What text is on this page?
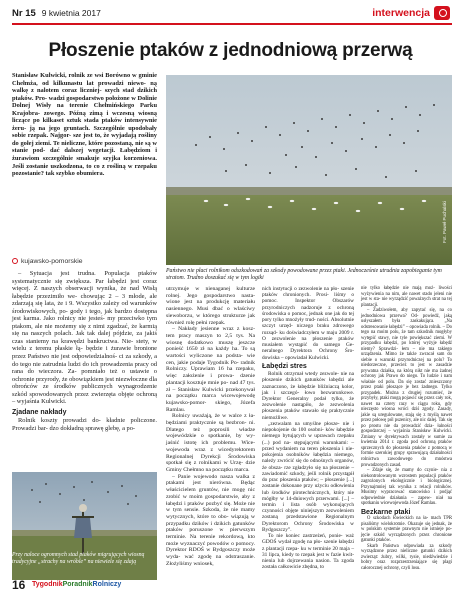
Nr 15 9 kwietnia 2017	interwencja
Płoszenie ptaków z jednodniową przerwą

Stanisław Kulwicki, rolnik ze wsi Borówno w gminie Chełmża, od kilkunastu lat prowadzi niewo- ną walkę z nalotem coraz liczniej- szych stad dzikich ptaków. Pro- wadzi gospodarstwo położone w Dolinie Dolnej Wisły na terenie Chełmińskiego Parku Krajobra- zowego. Późną zimą i wczesną wiosną liczące po kilkaset sztuk stada ptaków intensywnie żeru- ją na jego gruntach. Szczególnie upodobały sobie rzepak. Najgor- sze jest to, że wyjadają rośliny do gołej ziemi. Te nieliczne, które pozostaną, nie są w stanie pod- dać dalszej wegetacji. Łabędziom i żurawiom szczególnie smakuje szyjka korzeniowa. Jeśli zostanie uszkodzona, to co z rośliną w rzepaku pozostanie? tak szybko obumiera.

kujawsko-pomorskie

– Sytuacja jest trudna. Populacja ptaków systematycznie się zwiększa. Par łabędzi jest coraz więcej. Z naszych obserwacji wynika, że nad Wisłą łabędzie przezimiło we- chowując 2 – 3 młode, ale zdarzają się lata, że i 9. Wszystko zależy od warunków środowiskowych, po- gody i tego, jak bardzo dostępna jest karma. Jako rolnicy nie jesteś- my przeciwko tym ptakom, ale nie możemy się z nimi zgadzać, że karmią się na naszych polach. Jak tak dalej pójdzie, za jakiś czas staniemy na krawędzi bankructwa. Nie- stety, w wielu z terenu płaskie łą- będzie i żurawie bronione przez Państwo nie jest odpowiedzialnoś- ci za szkody, a do tego nie zatrudnia ludzi do ich prowadzenia pracy od rana do wieczora. Za- pomniało też o ustawie o ochronie przyrody, że obowiązkiem jest niezwłoczne dla obrońców ze środków publicznych wynagrodzenie szkód spowodowanych przez zwierzęta objęte ochroną – wyjaśnia Kulwicki.

Zjadane nakłady

Rolnik koszty prowadzi do- kładnie policzone. Prowadzi bar- dzo dokładną sprawę glebę, a po-

Przy naloce ogromnych stad ptaków migrujących wiosną tradycyjne „strachy na wróble” na niewiele się zdają
Fot. Paweł Puchalski
Państwo nie płaci rolnikom odszkodowań za szkody powodowane przez ptaki. Jednocześnie utrudnia zapobieganie tym stratom. Trudno doszukać się w tym logiki

utrzymuje w nienaganej kulturze rolnej. Jego gospodarstwo nasta- wione jest na produkcję materiału nasiennego. Musi dbać o wlaściwy siewoborzu, w którego strukturze jak również rolę pełni rzepak.

– Nakłady jesienne wraz z kosz- tem pracy maszyn to 2,5 tys. Na wiosnę dodatkowo muszę jeszcze ponieść 1650 zł na każdy ha. To są wartości wyliczone na podsta- wie cen, jakie podaje Tygodnik Po- radnik Rolniczy. Uprawiam 16 ha rzepaku, więc założenie i prowa- dzenie plantacji kosztuje mnie po- nad 47 tys. zł – Stanisław Kulwicki przekonywał na początku marca wicewojewodę kujawsko-pomor- skiego, Józefa Ramlau.

Rolnicy uważają, że w walce z ła- będziami praktycznie są bezbron- ni. Dlatego też poprosili władze wojewódzkie o spotkanie, by wy- jaśnić istotę ich problemu. Wice- wojewoda wraz z wicedyrektorem Regionalnej Dyrekcji Środowiska spotkał się z rolnikami w Urzę- dzie Gminy Chełmno na początku marca.

– Panie wojewodo nasza walka z ptakami jest nierówna. Będąc właścicielem gruntów, nie mogę nic zrobić w moim gospodarstwie, aby z łabędzi i ptaków pozbyć się. Może nie w tym sensie. Szkoda, że nie mamy wytycznych, które to obo- wiązują w przypadku dzików i dzikich gatunków ptaków poruszone w pierwszym terminie. Na terenie rekordową, kto może wyznaczyć powodów o pomocy. Dyrektor RDOŚ w Bydgoszczy może wyda- wać zgodę na odstraszanie. Złożyliśmy wniosek,

nich instytucji o zezwolenie na pło- szenie ptaków chronionych. Prosi- liśmy o pomoc. Inspektor Obszarów przyrodniczych nadzoruje z ochroną środowiska o pomoc, jednak one jak do tej pory tylko mnożyły trud- ności. Absolutnie szczyt urzęd- niczego braku zdrowego rozsąd- ku doświadczyłem w maju 2009 r. O zezwolenie na płoszenie ptaków musiałem wystąpić do samego Ge- neralnego Dyrektora Ochrony Śro- dowiska – opowiadał Kulwicki.

Łabędzi stres

Rolnik otrzymał wtedy zezwole- nie na płoszenie dzikich gatunków łabędzi ale zaznaczono, że łabędzie bliźniaczą kolor, jak i szczegó- łowo bezwarunkowe. Dyrektor Generalny podał tylko, że zezwolenie nastąpiło, że zezwolenia płoszenia ptaków stawało się praktycznie niemożliwe.

„zezwalam na umyślne płosze- nie i niepokojenie do 100 osobni- ków łabędzie niemego bytujących w uprawach rzepaku (...) pod na- stępującymi warunkami: – przed wydaniem na teren płoszenia i nie- pokojenia osobników łabędzia niemego, należy zwrócić się do odnośnych organów, że obsza- rze zgładzyło się na płoszenie – zawiadomić szkody, jeśli rolnik przystąpił do prac płoszenia ptaków; – płoszenie [...] zostanie dokonane przy użyciu odłowienia lub środków pirotechnicznych, który nie mógłby w 14-dniowych przerwami. [...] – termin i lista osób wykonujących czynności objęte niniejszym zezwoleniem zostaną przedstawione Regionalnym Dyrektorom Ochrony Środowiska w Bydgoszczy”.

To nie koniec zastrzeżeń, ponie- waż GDOŚ wydał zgodę na pło- szenie łabędzi z plantacji rzepa- ku w terminie 20 maja – 31 lipca, kiedy to rzepak jest w fazie kwit- nienia lub dojrzewania nasion. Ta zgoda została całkowicie zbędna, to

nie tylko łabędzie nie mają moż- liwości wyżywienia na nim, ale nawet stado jeleni nie jest w sta- nie wyrządzić poważnych strat na tej plantacji.

– Żadziwołem, aby zapytać się, na co jednodniowa przerwa? Od- powiedź, jaką usłyszałem była zaskakująca. „Na odstresowanie łabędzi” – opowiada rolnik. – Do tego na moim polu, że tam szkodnik mogłyby wytępić stawy, nie tyle powiększać ziemi. W przypadku łabędzi, po której wyżyje łabędź niemy? Sprawdzi- łem – nie ma takiego urządzenia. Mimo że także zwracał sam do siebie o warunki przyrodniczej na polu? To niedorzeczne, przecież to jest w zasadzie prywatna działka, na którą nikt nie ma żadnej ochrony jak Prawo do niego. To ludzie i nam właśnie od polu. Da się zostać znieszczony przez ptaki płoszące je bez żadnego. Tylko przypadek. Można z drugiej rozumieć, że przybyły, ptaki mogą pojawić się przez cały rok, nawet na cztery razy w ciągu roku, gdy nieczęsto wiosna wróci dziś zgody. Zasady, jakie są uregulowane, stają się z myślą nawet przez połowę pól pszenicy, ale nic dalej. Tak się po prostu nie da prowadzić dzia- łalności gospodarczej – wyjaśnia Stanisław Kulwicki. Zmiany w dyrektywach zostały w sumie za kwietnia 2014 r. zgoda pod ochroną ptaków sprzecznych do płoszenia ptaków z pomocą w formie szerokiej grupy sprawującą działalności rolnictwa zawodowego do mnóstwa prowadzonych zasad.

– Zdaje się, że mamy do czynie- nia z niekontrolowanym wzrostem populacji ptaków zagrożonych ekologicznie i biologicznej. Przynajmniej tak wynika z relacji rolników. Musimy wypracować stanowisko i podjąć odpowiednie działania – zapew- niał na spotkaniu wicewojewoda Józef Ramlau.

Bezkarne ptaki

O szkodach łowieckich na ła- mach TPR pisaliśmy wielokrotnie. Okazuje się jednak, że w polskim systemie prawnym nie istnieje po- jęcie szkód wyrządzonych przez chronione gatunki ptaków.

Skarb Państwa odpowiada za szkody wyrządzone przez nieliczne gatunki dzikich zwierząt: żubry, wilki, rysie, niedźwiedzie i bobry oraz rozprzestrzeniające się plagi całorocznej ochrony, czyli losu.

16 TygodnikPoradnikRolniczy
